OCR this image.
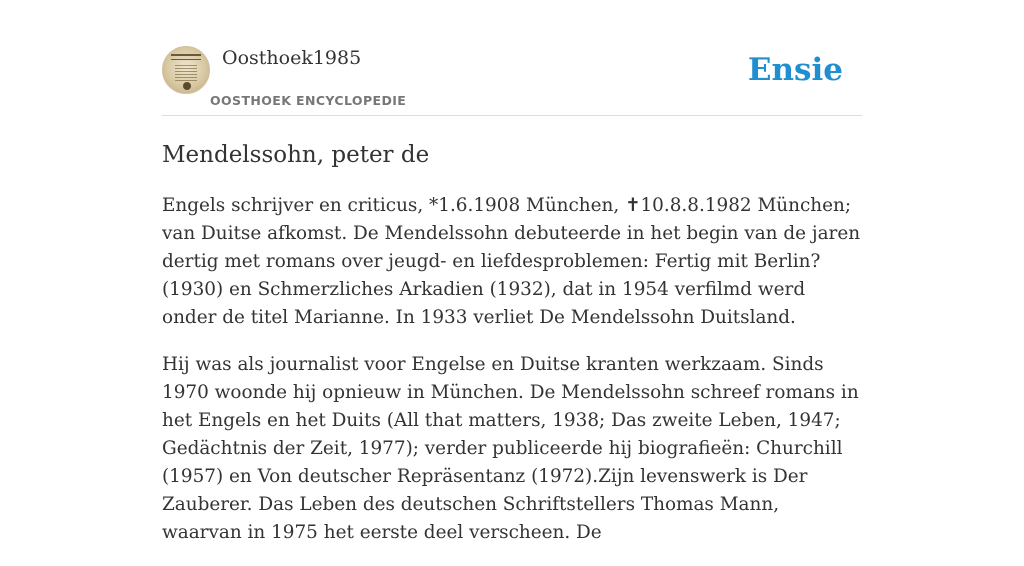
Oosthoek1985
OOSTHOEK ENCYCLOPEDIE
Ensie
Mendelssohn, peter de

Engels schrijver en criticus, *1.6.1908 München, ✝10.8.8.1982 München; van Duitse afkomst. De Mendelssohn debuteerde in het begin van de jaren dertig met romans over jeugd- en liefdesproblemen: Fertig mit Berlin? (1930) en Schmerzliches Arkadien (1932), dat in 1954 verfilmd werd onder de titel Marianne. In 1933 verliet De Mendelssohn Duitsland.

Hij was als journalist voor Engelse en Duitse kranten werkzaam. Sinds 1970 woonde hij opnieuw in München. De Mendelssohn schreef romans in het Engels en het Duits (All that matters, 1938; Das zweite Leben, 1947; Gedächtnis der Zeit, 1977); verder publiceerde hij biografieën: Churchill (1957) en Von deutscher Repräsentanz (1972).Zijn levenswerk is Der Zauberer. Das Leben des deutschen Schriftstellers Thomas Mann, waarvan in 1975 het eerste deel verscheen. De
